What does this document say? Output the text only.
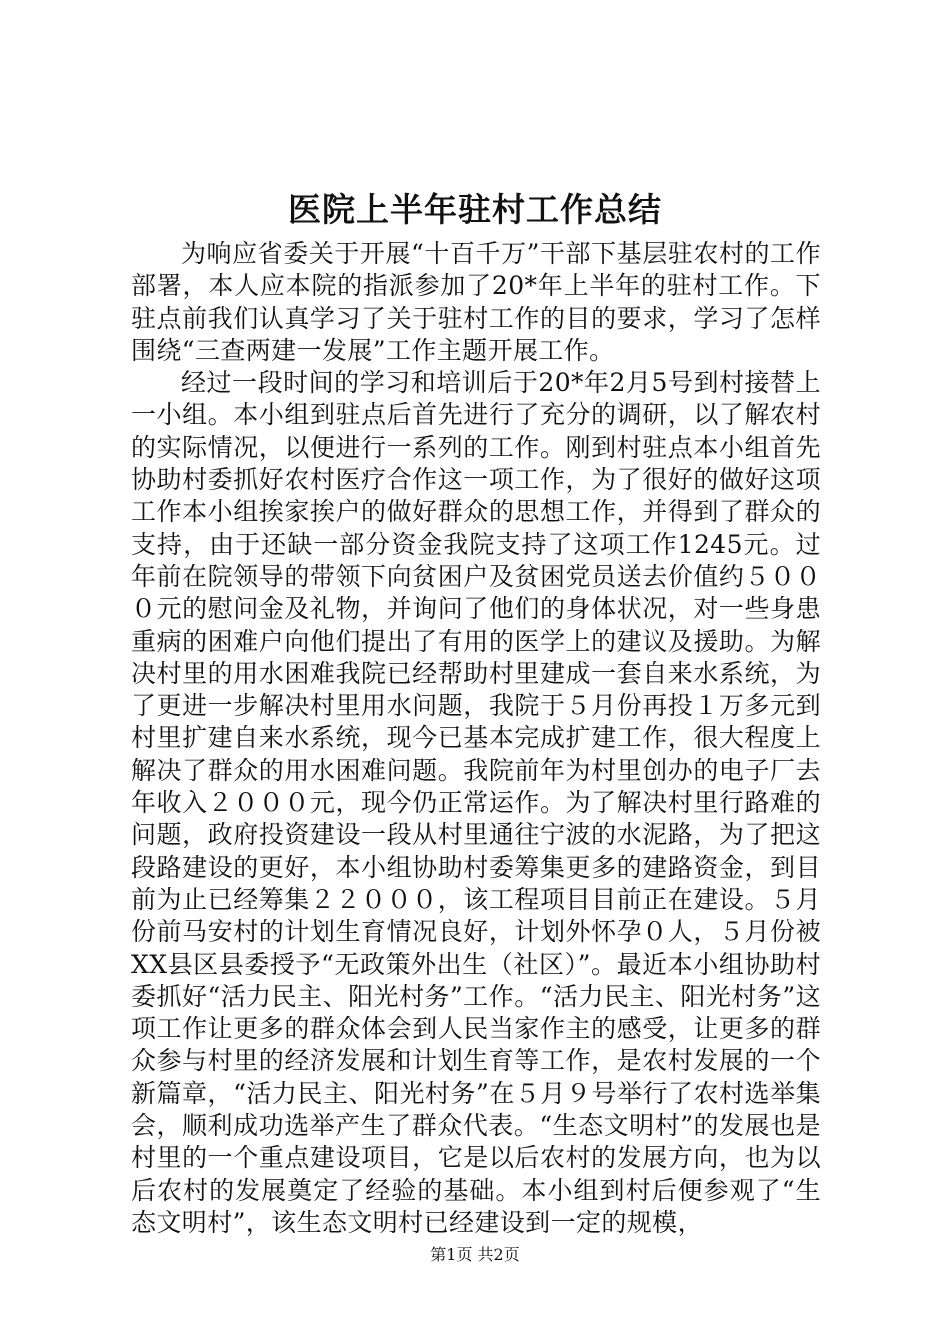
医院上半年驻村工作总结

为响应省委关于开展“十百千万”干部下基层驻农村的工作部署，本人应本院的指派参加了20*年上半年的驻村工作。下驻点前我们认真学习了关于驻村工作的目的要求，学习了怎样围绕“三查两建一发展”工作主题开展工作。

经过一段时间的学习和培训后于20*年2月5号到村接替上一小组。本小组到驻点后首先进行了充分的调研，以了解农村的实际情况，以便进行一系列的工作。刚到村驻点本小组首先协助村委抓好农村医疗合作这一项工作，为了很好的做好这项工作本小组挨家挨户的做好群众的思想工作，并得到了群众的支持，由于还缺一部分资金我院支持了这项工作1245元。过年前在院领导的带领下向贫困户及贫困党员送去价值约５０００元的慰问金及礼物，并询问了他们的身体状况，对一些身患重病的困难户向他们提出了有用的医学上的建议及援助。为解决村里的用水困难我院已经帮助村里建成一套自来水系统，为了更进一步解决村里用水问题，我院于５月份再投１万多元到村里扩建自来水系统，现今已基本完成扩建工作，很大程度上解决了群众的用水困难问题。我院前年为村里创办的电子厂去年收入２０００元，现今仍正常运作。为了解决村里行路难的问题，政府投资建设一段从村里通往宁波的水泥路，为了把这段路建设的更好，本小组协助村委筹集更多的建路资金，到目前为止已经筹集２２０００，该工程项目目前正在建设。５月份前马安村的计划生育情况良好，计划外怀孕０人，５月份被XX县区县委授予“无政策外出生（社区）”。最近本小组协助村委抓好“活力民主、阳光村务”工作。“活力民主、阳光村务”这项工作让更多的群众体会到人民当家作主的感受，让更多的群众参与村里的经济发展和计划生育等工作，是农村发展的一个新篇章，“活力民主、阳光村务”在５月９号举行了农村选举集会，顺利成功选举产生了群众代表。“生态文明村”的发展也是村里的一个重点建设项目，它是以后农村的发展方向，也为以后农村的发展奠定了经验的基础。本小组到村后便参观了“生态文明村”，该生态文明村已经建设到一定的规模，

第1页 共2页
